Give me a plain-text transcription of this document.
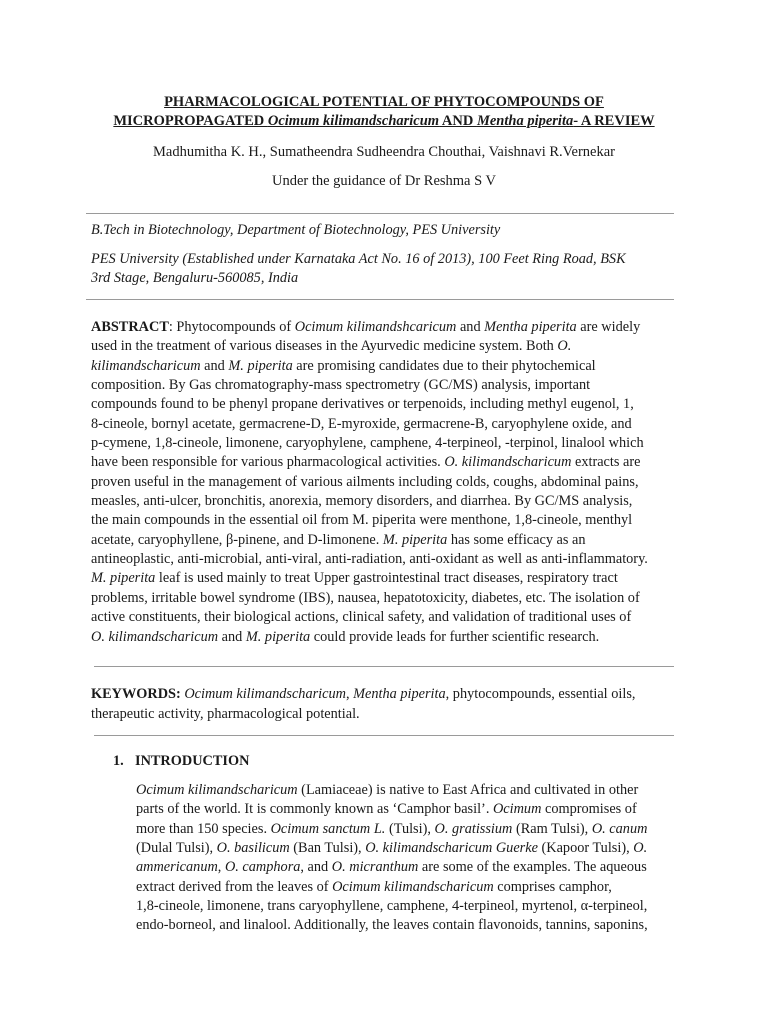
PHARMACOLOGICAL POTENTIAL OF PHYTOCOMPOUNDS OF
MICROPROPAGATED Ocimum kilimandscharicum AND Mentha piperita- A REVIEW
Madhumitha K. H., Sumatheendra Sudheendra Chouthai, Vaishnavi R.Vernekar
Under the guidance of Dr Reshma S V
B.Tech in Biotechnology, Department of Biotechnology, PES University
PES University (Established under Karnataka Act No. 16 of 2013), 100 Feet Ring Road, BSK
3rd Stage, Bengaluru-560085, India
ABSTRACT: Phytocompounds of Ocimum kilimandshcaricum and Mentha piperita are widely
used in the treatment of various diseases in the Ayurvedic medicine system. Both O.
kilimandscharicum and M. piperita are promising candidates due to their phytochemical
composition. By Gas chromatography-mass spectrometry (GC/MS) analysis, important
compounds found to be phenyl propane derivatives or terpenoids, including methyl eugenol, 1,
8-cineole, bornyl acetate, germacrene-D, E-myroxide, germacrene-B, caryophylene oxide, and
p-cymene, 1,8-cineole, limonene, caryophylene, camphene, 4-terpineol, -terpinol, linalool which
have been responsible for various pharmacological activities. O. kilimandscharicum extracts are
proven useful in the management of various ailments including colds, coughs, abdominal pains,
measles, anti-ulcer, bronchitis, anorexia, memory disorders, and diarrhea. By GC/MS analysis,
the main compounds in the essential oil from M. piperita were menthone, 1,8-cineole, menthyl
acetate, caryophyllene, β-pinene, and D-limonene. M. piperita has some efficacy as an
antineoplastic, anti-microbial, anti-viral, anti-radiation, anti-oxidant as well as anti-inflammatory.
M. piperita leaf is used mainly to treat Upper gastrointestinal tract diseases, respiratory tract
problems, irritable bowel syndrome (IBS), nausea, hepatotoxicity, diabetes, etc. The isolation of
active constituents, their biological actions, clinical safety, and validation of traditional uses of
O. kilimandscharicum and M. piperita could provide leads for further scientific research.
KEYWORDS: Ocimum kilimandscharicum, Mentha piperita, phytocompounds, essential oils,
therapeutic activity, pharmacological potential.
1. INTRODUCTION
Ocimum kilimandscharicum (Lamiaceae) is native to East Africa and cultivated in other
parts of the world. It is commonly known as ‘Camphor basil’. Ocimum compromises of
more than 150 species. Ocimum sanctum L. (Tulsi), O. gratissium (Ram Tulsi), O. canum
(Dulal Tulsi), O. basilicum (Ban Tulsi), O. kilimandscharicum Guerke (Kapoor Tulsi), O.
ammericanum, O. camphora, and O. micranthum are some of the examples. The aqueous
extract derived from the leaves of Ocimum kilimandscharicum comprises camphor,
1,8-cineole, limonene, trans caryophyllene, camphene, 4-terpineol, myrtenol, α-terpineol,
endo-borneol, and linalool. Additionally, the leaves contain flavonoids, tannins, saponins,
